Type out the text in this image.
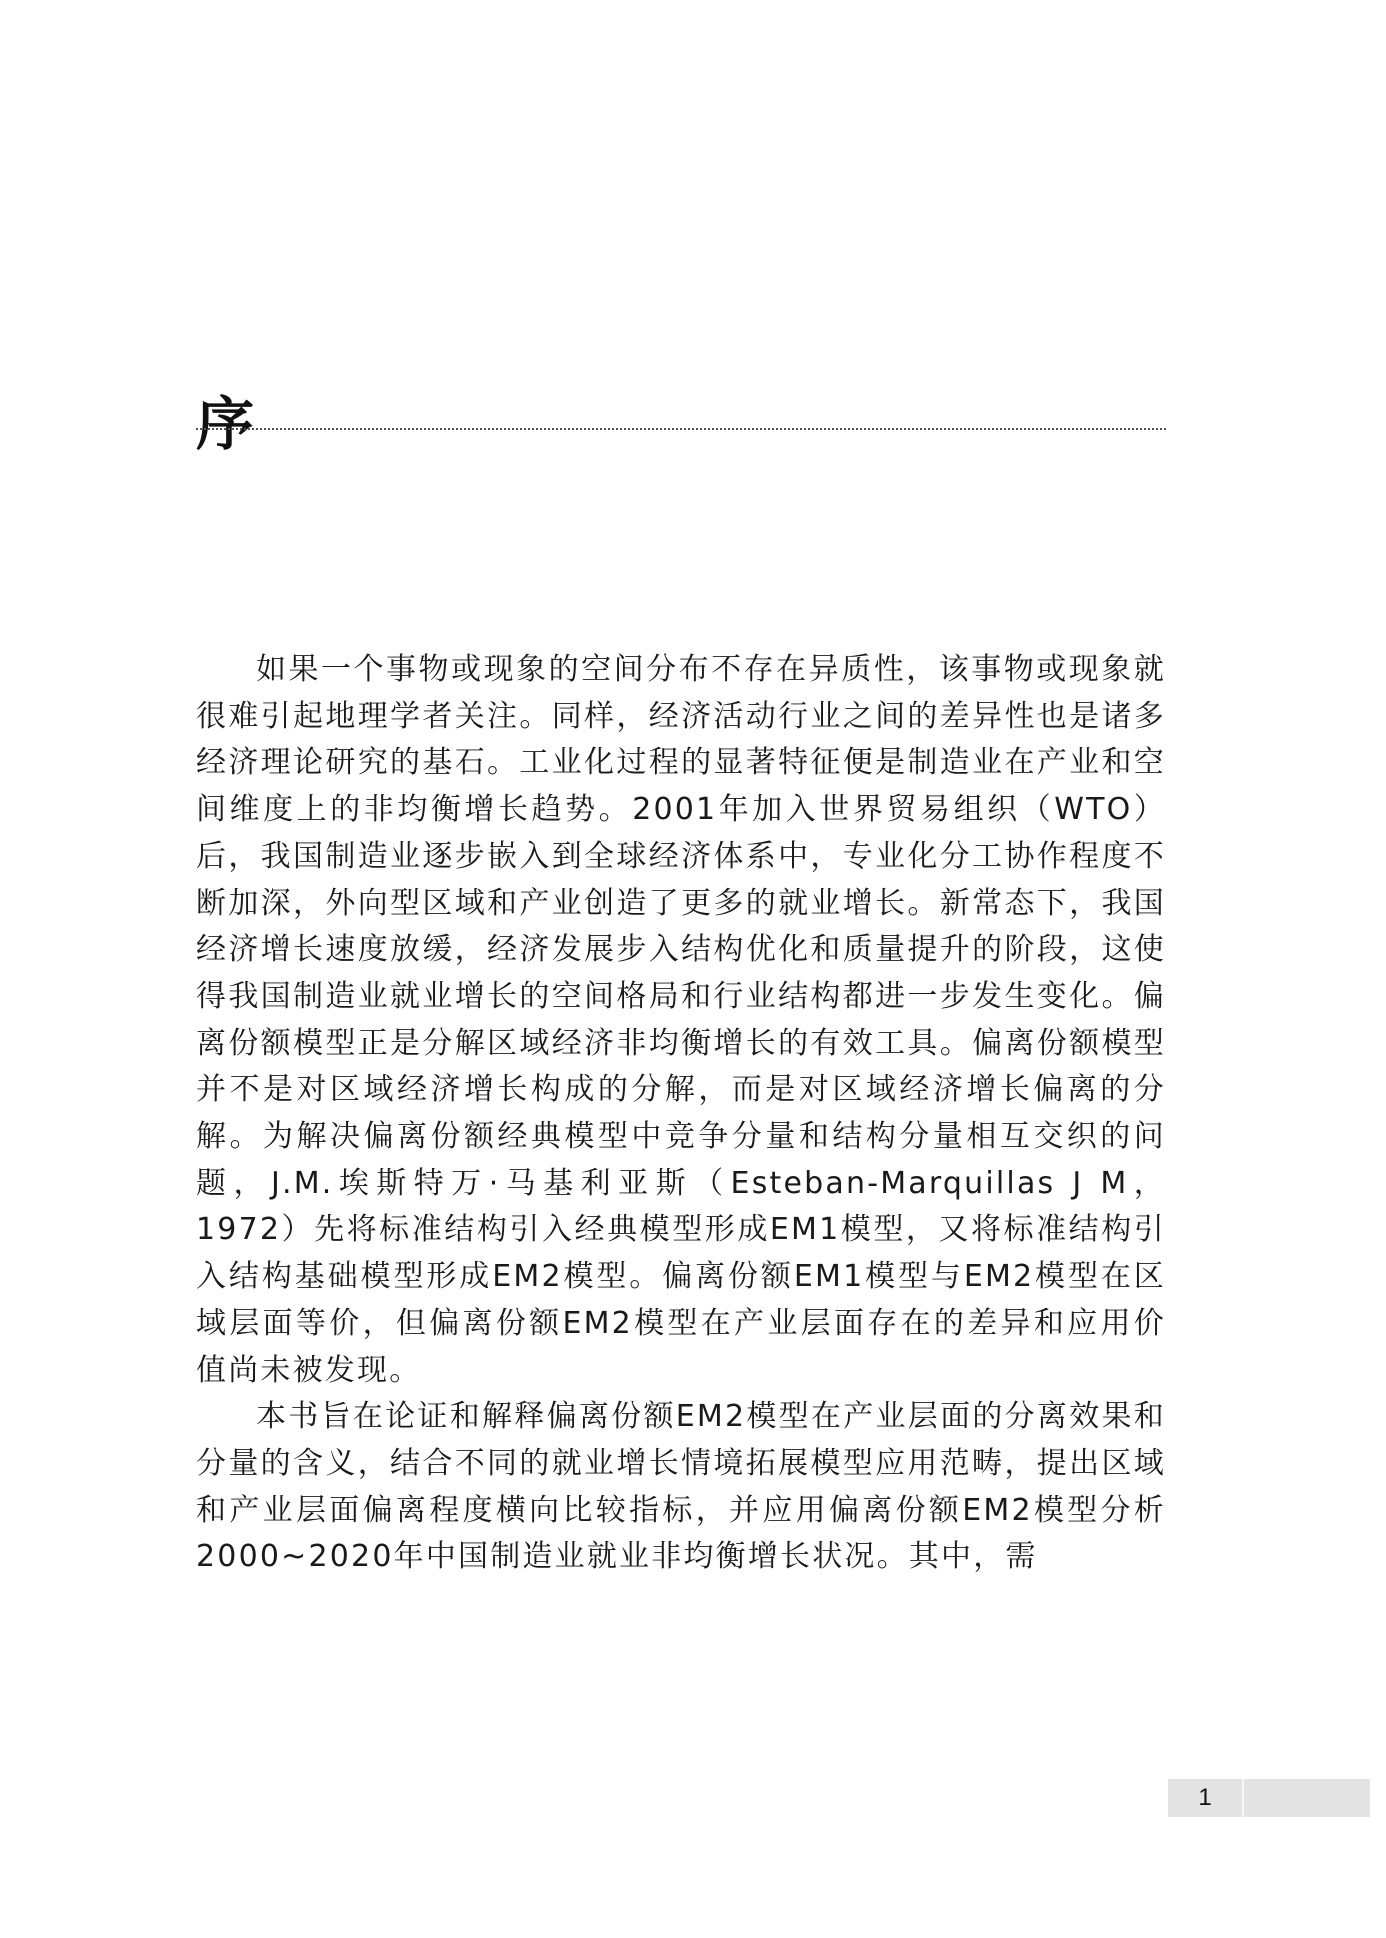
序

如果一个事物或现象的空间分布不存在异质性，该事物或现象就很难引起地理学者关注。同样，经济活动行业之间的差异性也是诸多经济理论研究的基石。工业化过程的显著特征便是制造业在产业和空间维度上的非均衡增长趋势。2001年加入世界贸易组织（WTO）后，我国制造业逐步嵌入到全球经济体系中，专业化分工协作程度不断加深，外向型区域和产业创造了更多的就业增长。新常态下，我国经济增长速度放缓，经济发展步入结构优化和质量提升的阶段，这使得我国制造业就业增长的空间格局和行业结构都进一步发生变化。偏离份额模型正是分解区域经济非均衡增长的有效工具。偏离份额模型并不是对区域经济增长构成的分解，而是对区域经济增长偏离的分解。为解决偏离份额经典模型中竞争分量和结构分量相互交织的问题，J.M.埃斯特万·马基利亚斯（Esteban-Marquillas J M，1972）先将标准结构引入经典模型形成EM1模型，又将标准结构引入结构基础模型形成EM2模型。偏离份额EM1模型与EM2模型在区域层面等价，但偏离份额EM2模型在产业层面存在的差异和应用价值尚未被发现。

本书旨在论证和解释偏离份额EM2模型在产业层面的分离效果和分量的含义，结合不同的就业增长情境拓展模型应用范畴，提出区域和产业层面偏离程度横向比较指标，并应用偏离份额EM2模型分析2000~2020年中国制造业就业非均衡增长状况。其中，需

1
